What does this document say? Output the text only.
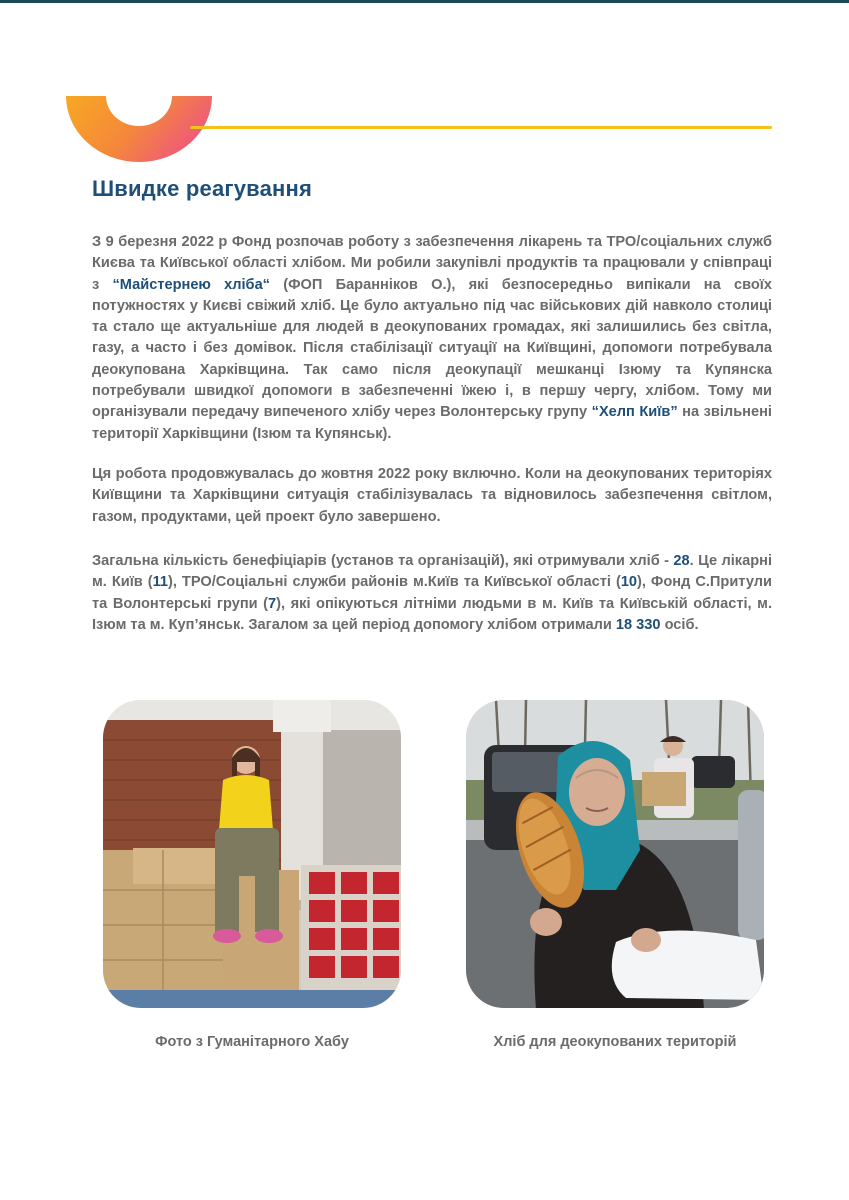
Швидке реагування

З 9 березня 2022 р Фонд розпочав роботу з забезпечення лікарень та ТРО/соціальних служб Києва та Київської області хлібом. Ми робили закупівлі продуктів та працювали у співпраці з “Майстернею хліба“ (ФОП Баранніков О.), які безпосередньо випікали на своїх потужностях у Києві свіжий хліб. Це було актуально під час військових дій навколо столиці та стало ще актуальніше для людей в деокупованих громадах, які залишились без світла, газу, а часто і без домівок. Після стабілізації ситуації на Київщині, допомоги потребувала деокупована Харківщина. Так само після деокупації мешканці Ізюму та Купянска потребували швидкої допомоги в забезпеченні їжею і, в першу чергу, хлібом. Тому ми організували передачу випеченого хлібу через Волонтерську групу “Хелп Київ” на звільнені території Харківщини (Ізюм та Купянськ).

Ця робота продовжувалась до жовтня 2022 року включно. Коли на деокупованих територіях Київщини та Харківщини ситуація стабілізувалась та відновилось забезпечення світлом, газом, продуктами, цей проект було завершено.

Загальна кількість бенефіціарів (установ та організацій), які отримували хліб - 28. Це лікарні м. Київ (11), ТРО/Соціальні служби районів м.Київ та Київської області (10), Фонд С.Притули та Волонтерські групи (7), які опікуються літніми людьми в м. Київ та Київській області, м. Ізюм та м. Куп’янськ. Загалом за цей період допомогу хлібом отримали 18 330 осіб.

Фото з Гуманітарного Хабу	Хліб для деокупованих територій
